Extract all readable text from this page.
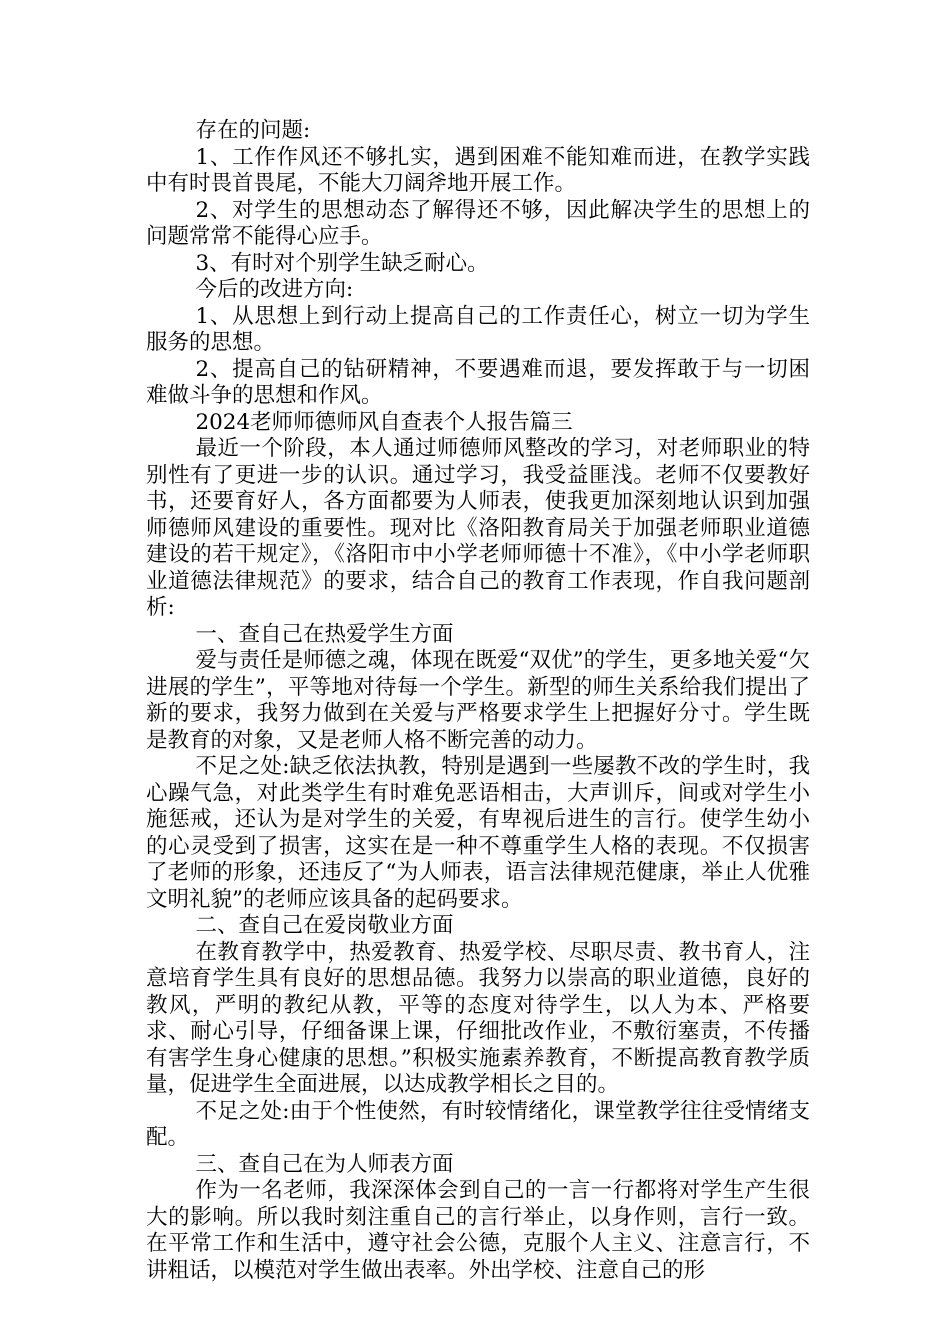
存在的问题:

1、工作作风还不够扎实，遇到困难不能知难而进，在教学实践中有时畏首畏尾，不能大刀阔斧地开展工作。

2、对学生的思想动态了解得还不够，因此解决学生的思想上的问题常常不能得心应手。

3、有时对个别学生缺乏耐心。

今后的改进方向:

1、从思想上到行动上提高自己的工作责任心，树立一切为学生服务的思想。

2、提高自己的钻研精神，不要遇难而退，要发挥敢于与一切困难做斗争的思想和作风。

2024老师师德师风自查表个人报告篇三

最近一个阶段，本人通过师德师风整改的学习，对老师职业的特别性有了更进一步的认识。通过学习，我受益匪浅。老师不仅要教好书，还要育好人，各方面都要为人师表，使我更加深刻地认识到加强师德师风建设的重要性。现对比《洛阳教育局关于加强老师职业道德建设的若干规定》，《洛阳市中小学老师师德十不准》，《中小学老师职业道德法律规范》的要求，结合自己的教育工作表现，作自我问题剖析:

一、查自己在热爱学生方面

爱与责任是师德之魂，体现在既爱“双优”的学生，更多地关爱“欠进展的学生”，平等地对待每一个学生。新型的师生关系给我们提出了新的要求，我努力做到在关爱与严格要求学生上把握好分寸。学生既是教育的对象，又是老师人格不断完善的动力。

不足之处:缺乏依法执教，特别是遇到一些屡教不改的学生时，我心躁气急，对此类学生有时难免恶语相击，大声训斥，间或对学生小施惩戒，还认为是对学生的关爱，有卑视后进生的言行。使学生幼小的心灵受到了损害，这实在是一种不尊重学生人格的表现。不仅损害了老师的形象，还违反了“为人师表，语言法律规范健康，举止人优雅文明礼貌”的老师应该具备的起码要求。

二、查自己在爱岗敬业方面

在教育教学中，热爱教育、热爱学校、尽职尽责、教书育人，注意培育学生具有良好的思想品德。我努力以崇高的职业道德，良好的教风，严明的教纪从教，平等的态度对待学生，以人为本、严格要求、耐心引导，仔细备课上课，仔细批改作业，不敷衍塞责，不传播有害学生身心健康的思想。”积极实施素养教育，不断提高教育教学质量，促进学生全面进展，以达成教学相长之目的。

不足之处:由于个性使然，有时较情绪化，课堂教学往往受情绪支配。

三、查自己在为人师表方面

作为一名老师，我深深体会到自己的一言一行都将对学生产生很大的影响。所以我时刻注重自己的言行举止，以身作则，言行一致。在平常工作和生活中，遵守社会公德，克服个人主义、注意言行，不讲粗话，以模范对学生做出表率。外出学校、注意自己的形
